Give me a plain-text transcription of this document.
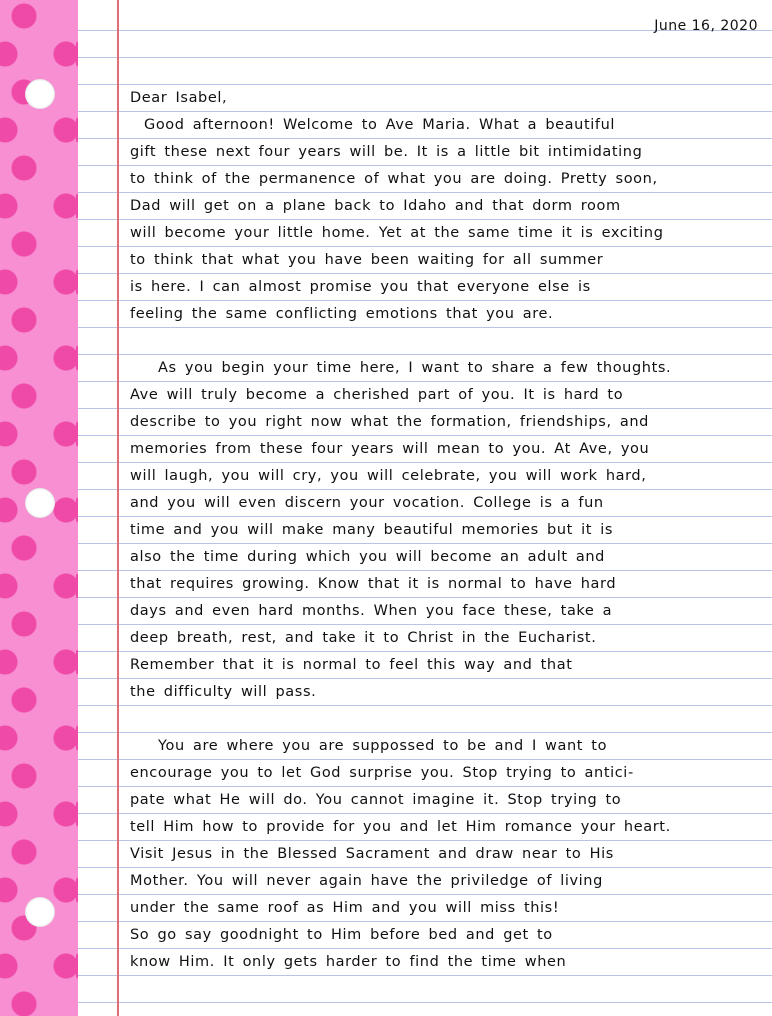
June 16, 2020
Dear Isabel,
Good afternoon! Welcome to Ave Maria. What a beautiful
gift these next four years will be. It is a little bit intimidating
to think of the permanence of what you are doing. Pretty soon,
Dad will get on a plane back to Idaho and that dorm room
will become your little home. Yet at the same time it is exciting
to think that what you have been waiting for all summer
is here. I can almost promise you that everyone else is
feeling the same conflicting emotions that you are.
As you begin your time here, I want to share a few thoughts.
Ave will truly become a cherished part of you. It is hard to
describe to you right now what the formation, friendships, and
memories from these four years will mean to you. At Ave, you
will laugh, you will cry, you will celebrate, you will work hard,
and you will even discern your vocation. College is a fun
time and you will make many beautiful memories but it is
also the time during which you will become an adult and
that requires growing. Know that it is normal to have hard
days and even hard months. When you face these, take a
deep breath, rest, and take it to Christ in the Eucharist.
Remember that it is normal to feel this way and that
the difficulty will pass.
You are where you are suppossed to be and I want to
encourage you to let God surprise you. Stop trying to antici-
pate what He will do. You cannot imagine it. Stop trying to
tell Him how to provide for you and let Him romance your heart.
Visit Jesus in the Blessed Sacrament and draw near to His
Mother. You will never again have the priviledge of living
under the same roof as Him and you will miss this!
So go say goodnight to Him before bed and get to
know Him. It only gets harder to find the time when
